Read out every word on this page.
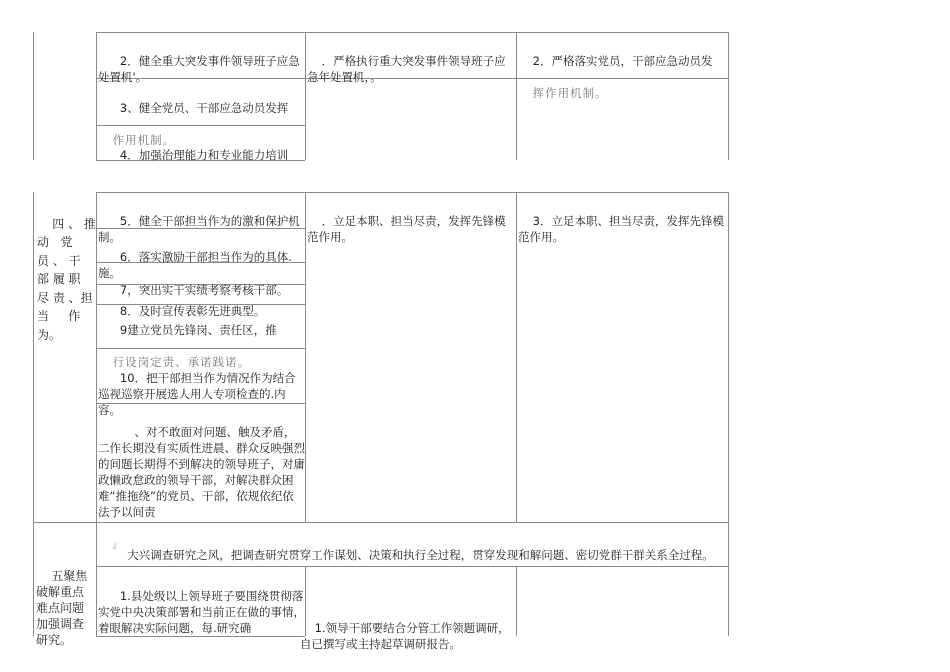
2．健全重大突发事件领导班子应急处置机'。

3、健全党员、干部应急动员发挥

作用机制。

4．加强治理能力和专业能力培训

．严格执行重大突发事件领导班子应急年处置机，。

2．严格落实党员，干部应急动员发

挥作用机制。

四 、 推
动   党
员 、 干
部 履 职
尽 责 、担
当     作
为。

5．健全干部担当作为的激和保护机制。

6．落实激励干部担当作为的具体.施。

7，突出实干实绩考察考核干部。

8．及时宣传表彰先进典型。

9建立党员先锋岗、责任区，推

行设岗定责、承诺践诺。

10．把干部担当作为情况作为结合巡视巡察开展选人用人专项检查的.内容。

、对不敢面对问题、触及矛盾，二作长期没有实质性进晨、群众反映强烈的间题长期得不到解决的领导班子，对庸政懒政怠政的领导干部，对解决群众困难“推拖绕”的党员、干部，依规依纪依法予以间责

』

．立足本职、担当尽责，发挥先锋模范作用。

3．立足本职、担当尽责，发挥先锋模范作用。

五聚焦破解重点难点问题加强调查研究。

大兴调查研究之风，把调查研究贯穿工作谋划、决策和执行全过程，贯穿发现和解问题、密切党群干群关系全过程。

1.县处级以上领导班子要围绕贯彻落实党中央决策部署和当前正在做的事情，着眼解决实际问题，每.研究确
	1.领导干部要结合分管工作领题调研，自已撰写或主持起草调研报告。
